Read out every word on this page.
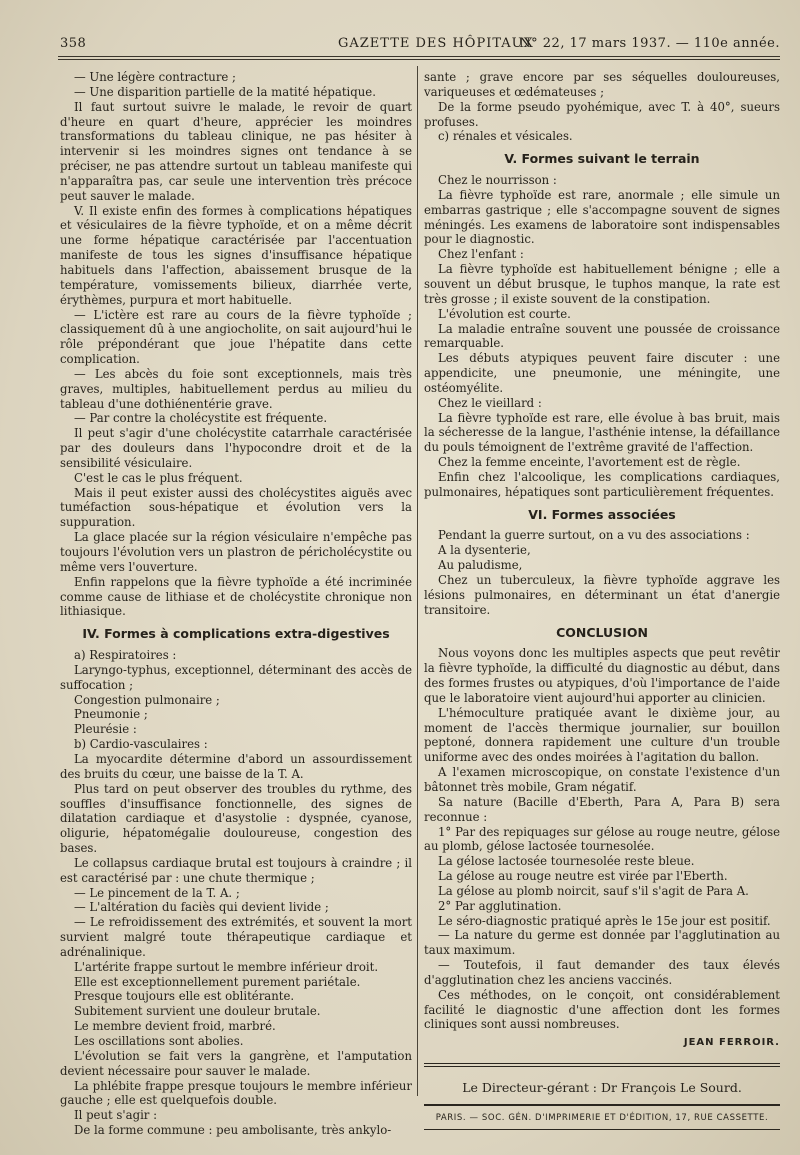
358	GAZETTE DES HÔPITAUX
N° 22, 17 mars 1937. — 110e année.

— Une légère contracture ;

— Une disparition partielle de la matité hépatique.

Il faut surtout suivre le malade, le revoir de quart d'heure en quart d'heure, apprécier les moindres transformations du tableau clinique, ne pas hésiter à intervenir si les moindres signes ont tendance à se préciser, ne pas attendre surtout un tableau manifeste qui n'apparaîtra pas, car seule une intervention très précoce peut sauver le malade.

V. Il existe enfin des formes à complications hépatiques et vésiculaires de la fièvre typhoïde, et on a même décrit une forme hépatique caractérisée par l'accentuation manifeste de tous les signes d'insuffisance hépatique habituels dans l'affection, abaissement brusque de la température, vomissements bilieux, diarrhée verte, érythèmes, purpura et mort habituelle.

— L'ictère est rare au cours de la fièvre typhoïde ; classiquement dû à une angiocholite, on sait aujourd'hui le rôle prépondérant que joue l'hépatite dans cette complication.

— Les abcès du foie sont exceptionnels, mais très graves, multiples, habituellement perdus au milieu du tableau d'une dothiénentérie grave.

— Par contre la cholécystite est fréquente.

Il peut s'agir d'une cholécystite catarrhale caractérisée par des douleurs dans l'hypocondre droit et de la sensibilité vésiculaire.

C'est le cas le plus fréquent.

Mais il peut exister aussi des cholécystites aiguës avec tuméfaction sous-hépatique et évolution vers la suppuration.

La glace placée sur la région vésiculaire n'empêche pas toujours l'évolution vers un plastron de péricholécystite ou même vers l'ouverture.

Enfin rappelons que la fièvre typhoïde a été incriminée comme cause de lithiase et de cholécystite chronique non lithiasique.

IV. Formes à complications extra-digestives

a) Respiratoires :

Laryngo-typhus, exceptionnel, déterminant des accès de suffocation ;

Congestion pulmonaire ;

Pneumonie ;

Pleurésie :

b) Cardio-vasculaires :

La myocardite détermine d'abord un assourdissement des bruits du cœur, une baisse de la T. A.

Plus tard on peut observer des troubles du rythme, des souffles d'insuffisance fonctionnelle, des signes de dilatation cardiaque et d'asystolie : dyspnée, cyanose, oligurie, hépatomégalie douloureuse, congestion des bases.

Le collapsus cardiaque brutal est toujours à craindre ; il est caractérisé par : une chute thermique ;

— Le pincement de la T. A. ;

— L'altération du faciès qui devient livide ;

— Le refroidissement des extrémités, et souvent la mort survient malgré toute thérapeutique cardiaque et adrénalinique.

L'artérite frappe surtout le membre inférieur droit.

Elle est exceptionnellement purement pariétale.

Presque toujours elle est oblitérante.

Subitement survient une douleur brutale.

Le membre devient froid, marbré.

Les oscillations sont abolies.

L'évolution se fait vers la gangrène, et l'amputation devient nécessaire pour sauver le malade.

La phlébite frappe presque toujours le membre inférieur gauche ; elle est quelquefois double.

Il peut s'agir :

De la forme commune : peu ambolisante, très ankylo-

sante ; grave encore par ses séquelles douloureuses, variqueuses et œdémateuses ;

De la forme pseudo pyohémique, avec T. à 40°, sueurs profuses.

c) rénales et vésicales.

V. Formes suivant le terrain

Chez le nourrisson :

La fièvre typhoïde est rare, anormale ; elle simule un embarras gastrique ; elle s'accompagne souvent de signes méningés. Les examens de laboratoire sont indispensables pour le diagnostic.

Chez l'enfant :

La fièvre typhoïde est habituellement bénigne ; elle a souvent un début brusque, le tuphos manque, la rate est très grosse ; il existe souvent de la constipation.

L'évolution est courte.

La maladie entraîne souvent une poussée de croissance remarquable.

Les débuts atypiques peuvent faire discuter : une appendicite, une pneumonie, une méningite, une ostéomyélite.

Chez le vieillard :

La fièvre typhoïde est rare, elle évolue à bas bruit, mais la sécheresse de la langue, l'asthénie intense, la défaillance du pouls témoignent de l'extrême gravité de l'affection.

Chez la femme enceinte, l'avortement est de règle.

Enfin chez l'alcoolique, les complications cardiaques, pulmonaires, hépatiques sont particulièrement fréquentes.

VI. Formes associées

Pendant la guerre surtout, on a vu des associations :

A la dysenterie,

Au paludisme,

Chez un tuberculeux, la fièvre typhoïde aggrave les lésions pulmonaires, en déterminant un état d'anergie transitoire.

CONCLUSION

Nous voyons donc les multiples aspects que peut revêtir la fièvre typhoïde, la difficulté du diagnostic au début, dans des formes frustes ou atypiques, d'où l'importance de l'aide que le laboratoire vient aujourd'hui apporter au clinicien.

L'hémoculture pratiquée avant le dixième jour, au moment de l'accès thermique journalier, sur bouillon peptoné, donnera rapidement une culture d'un trouble uniforme avec des ondes moirées à l'agitation du ballon.

A l'examen microscopique, on constate l'existence d'un bâtonnet très mobile, Gram négatif.

Sa nature (Bacille d'Eberth, Para A, Para B) sera reconnue :

1° Par des repiquages sur gélose au rouge neutre, gélose au plomb, gélose lactosée tournesolée.

La gélose lactosée tournesolée reste bleue.

La gélose au rouge neutre est virée par l'Eberth.

La gélose au plomb noircit, sauf s'il s'agit de Para A.

2° Par agglutination.

Le séro-diagnostic pratiqué après le 15e jour est positif.

— La nature du germe est donnée par l'agglutination au taux maximum.

— Toutefois, il faut demander des taux élevés d'agglutination chez les anciens vaccinés.

Ces méthodes, on le conçoit, ont considérablement facilité le diagnostic d'une affection dont les formes cliniques sont aussi nombreuses.

JEAN FERROIR.
Le Directeur-gérant : Dr François Le Sourd.
PARIS. — SOC. GÉN. D'IMPRIMERIE ET D'ÉDITION, 17, RUE CASSETTE.
